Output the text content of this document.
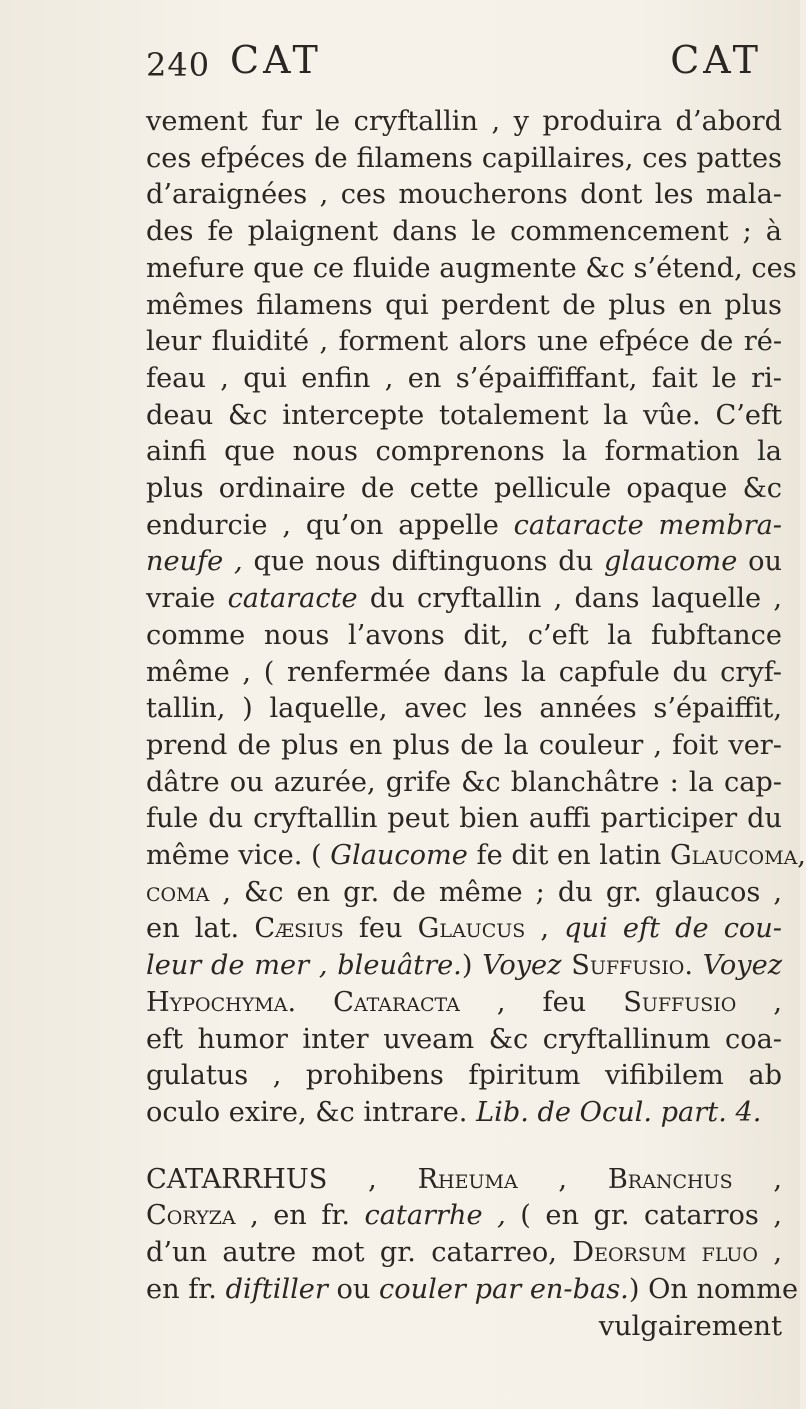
240 CAT	CAT
vement fur le cryftallin , y produira d’abord
ces efpéces de filamens capillaires, ces pattes
d’araignées , ces moucherons dont les mala-
des fe plaignent dans le commencement ; à
mefure que ce fluide augmente &c s’étend, ces
mêmes filamens qui perdent de plus en plus
leur fluidité , forment alors une efpéce de ré-
feau , qui enfin , en s’épaiffiffant, fait le ri-
deau &c intercepte totalement la vûe. C’eft
ainfi que nous comprenons la formation la
plus ordinaire de cette pellicule opaque &c
endurcie , qu’on appelle cataracte membra-
neufe , que nous diftinguons du glaucome ou
vraie cataracte du cryftallin , dans laquelle ,
comme nous l’avons dit, c’eft la fubftance
même , ( renfermée dans la capfule du cryf-
tallin, ) laquelle, avec les années s’épaiffit,
prend de plus en plus de la couleur , foit ver-
dâtre ou azurée, grife &c blanchâtre : la cap-
fule du cryftallin peut bien auffi participer du
même vice. ( Glaucome fe dit en latin Glaucoma,
coma , &c en gr. de même ; du gr. glaucos ,
en lat. Cæsius feu Glaucus , qui eft de cou-
leur de mer , bleuâtre.) Voyez Suffusio. Voyez
Hypochyma. Cataracta , feu Suffusio ,
eft humor inter uveam &c cryftallinum coa-
gulatus , prohibens fpiritum vifibilem ab
oculo exire, &c intrare. Lib. de Ocul. part. 4.
CATARRHUS , Rheuma , Branchus ,
Coryza , en fr. catarrhe , ( en gr. catarros ,
d’un autre mot gr. catarreo, Deorsum fluo ,
en fr. diftiller ou couler par en-bas.) On nomme
vulgairement
